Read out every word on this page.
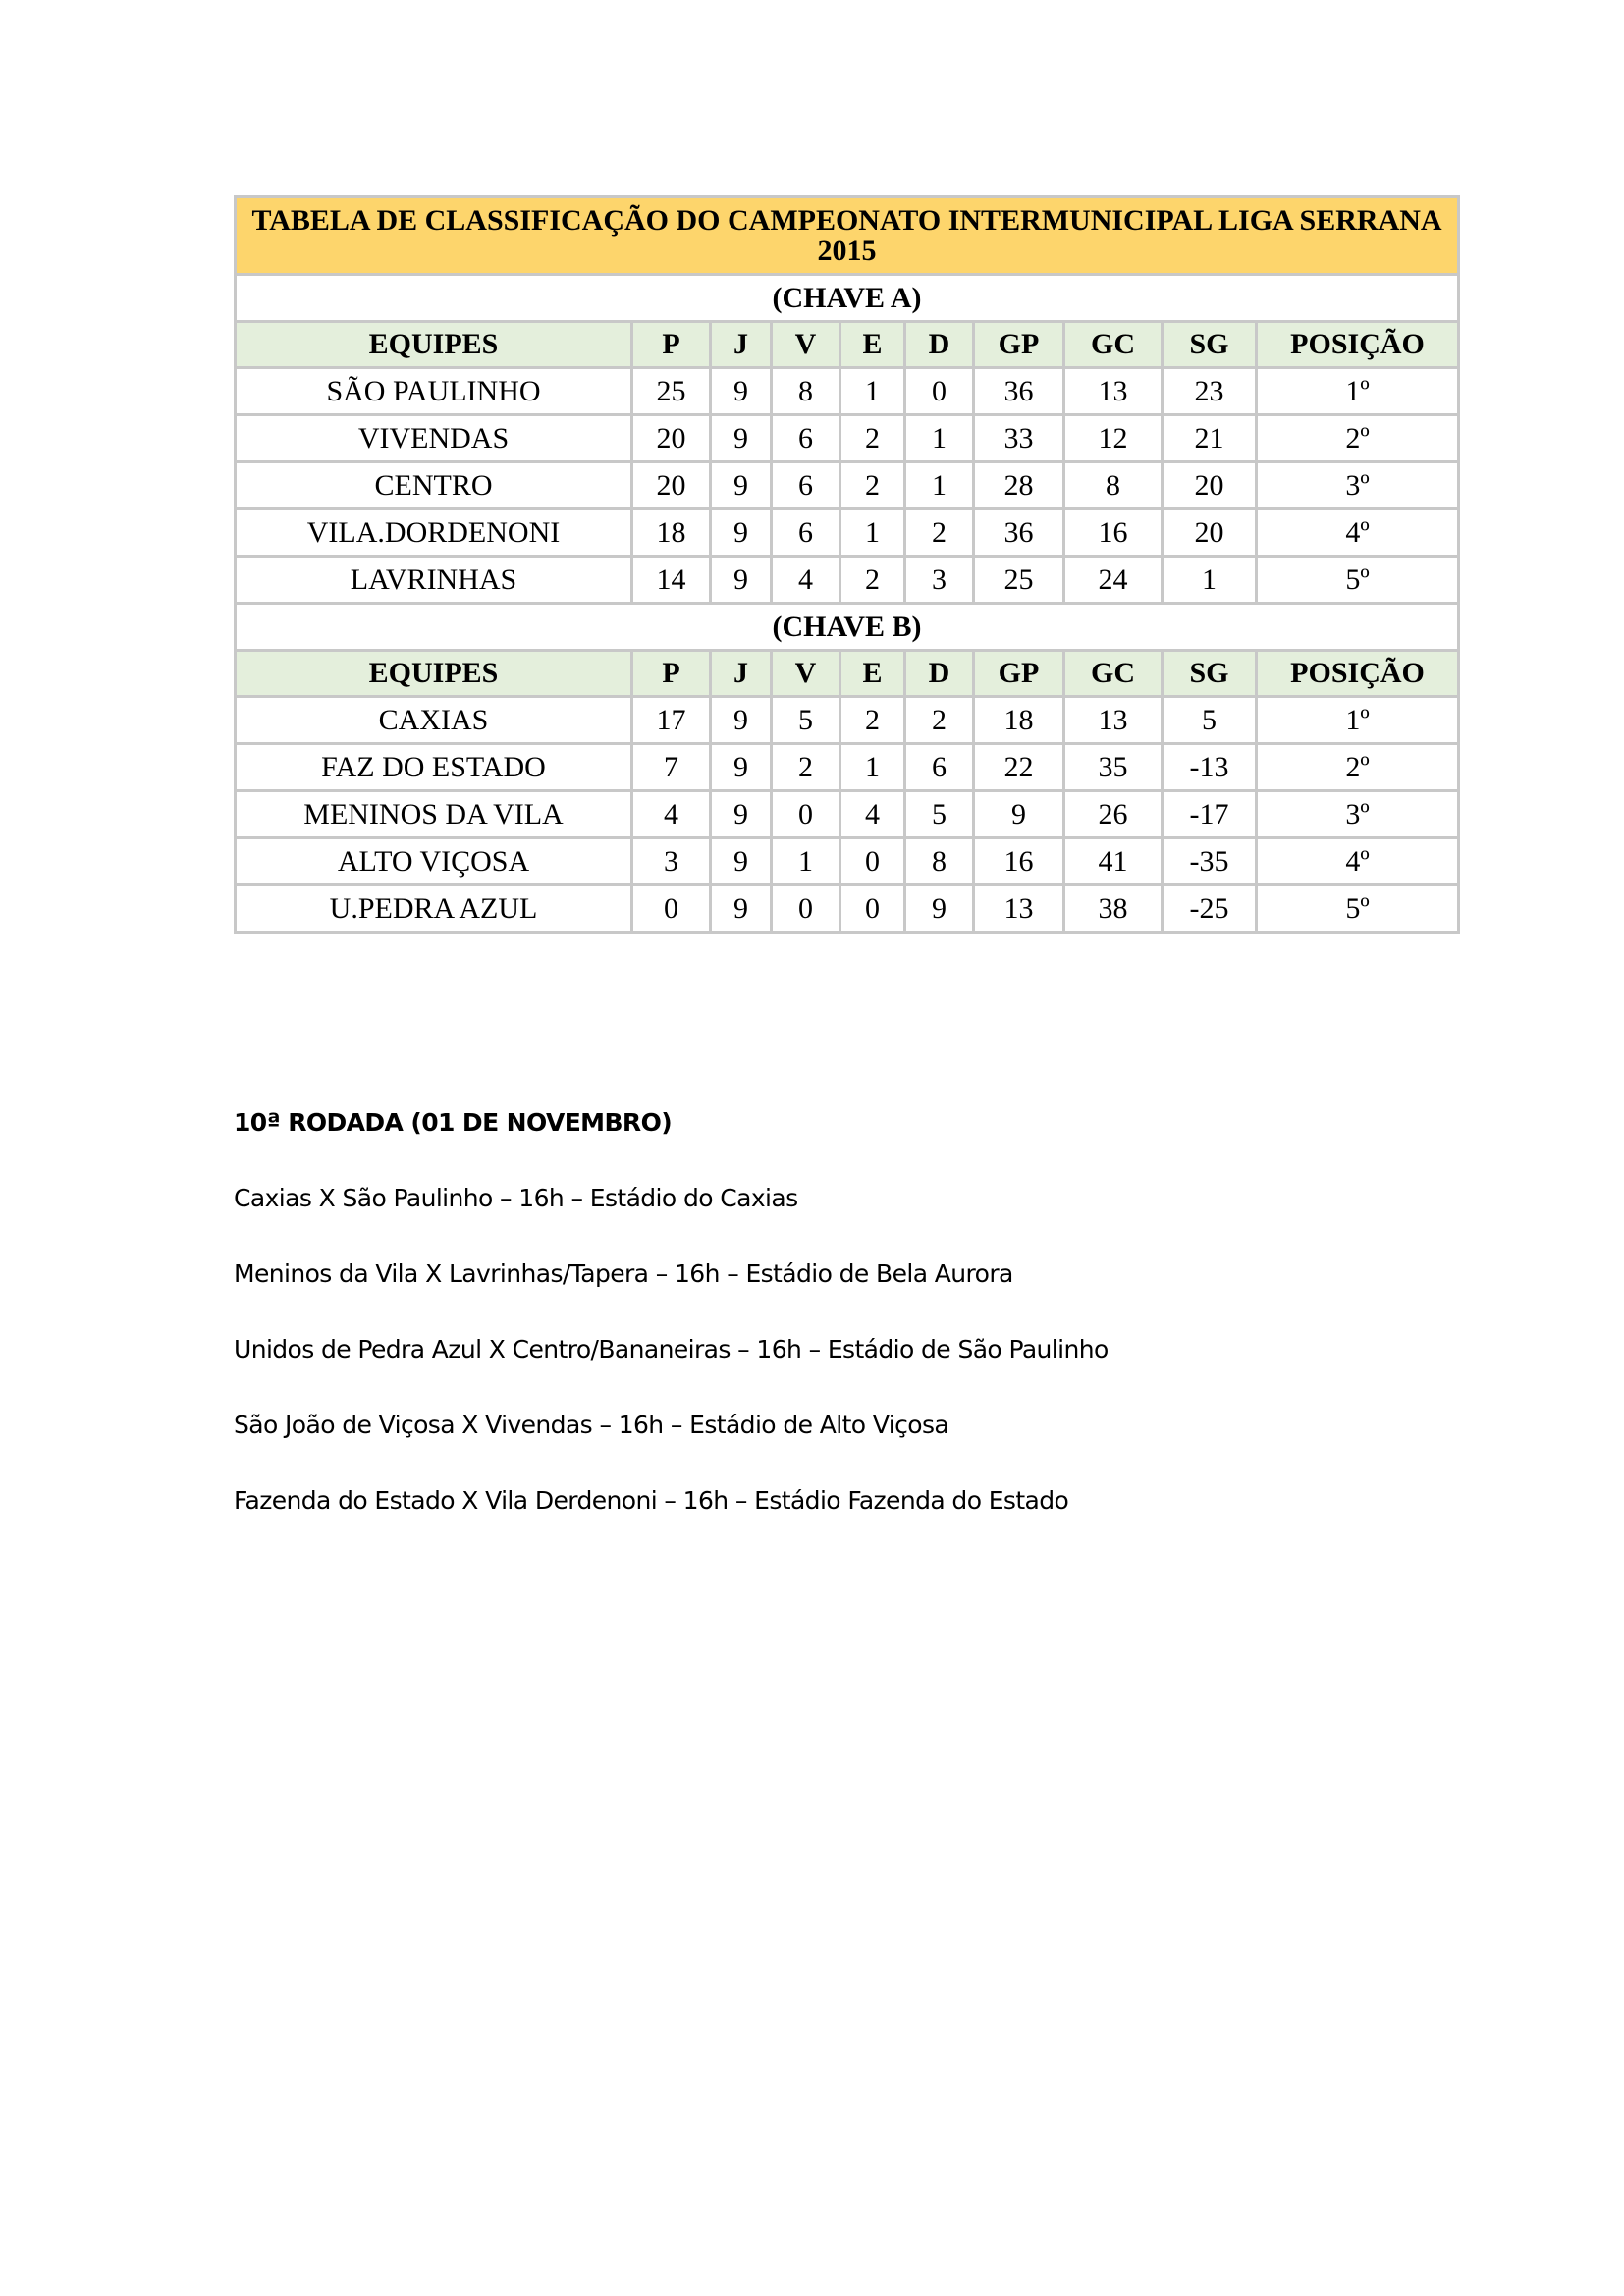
TABELA DE CLASSIFICAÇÃO DO CAMPEONATO INTERMUNICIPAL LIGA SERRANA 2015									
(CHAVE A)									
EQUIPES	P	J	V	E	D	GP	GC	SG	POSIÇÃO
SÃO PAULINHO	25	9	8	1	0	36	13	23	1º
VIVENDAS	20	9	6	2	1	33	12	21	2º
CENTRO	20	9	6	2	1	28	8	20	3º
VILA.DORDENONI	18	9	6	1	2	36	16	20	4º
LAVRINHAS	14	9	4	2	3	25	24	1	5º
(CHAVE B)									
EQUIPES	P	J	V	E	D	GP	GC	SG	POSIÇÃO
CAXIAS	17	9	5	2	2	18	13	5	1º
FAZ DO ESTADO	7	9	2	1	6	22	35	-13	2º
MENINOS DA VILA	4	9	0	4	5	9	26	-17	3º
ALTO VIÇOSA	3	9	1	0	8	16	41	-35	4º
U.PEDRA AZUL	0	9	0	0	9	13	38	-25	5º
10ª RODADA (01 DE NOVEMBRO)
Caxias X São Paulinho – 16h – Estádio do Caxias
Meninos da Vila X Lavrinhas/Tapera – 16h – Estádio de Bela Aurora
Unidos de Pedra Azul X Centro/Bananeiras – 16h – Estádio de São Paulinho
São João de Viçosa X Vivendas – 16h – Estádio de Alto Viçosa
Fazenda do Estado X Vila Derdenoni – 16h – Estádio Fazenda do Estado
